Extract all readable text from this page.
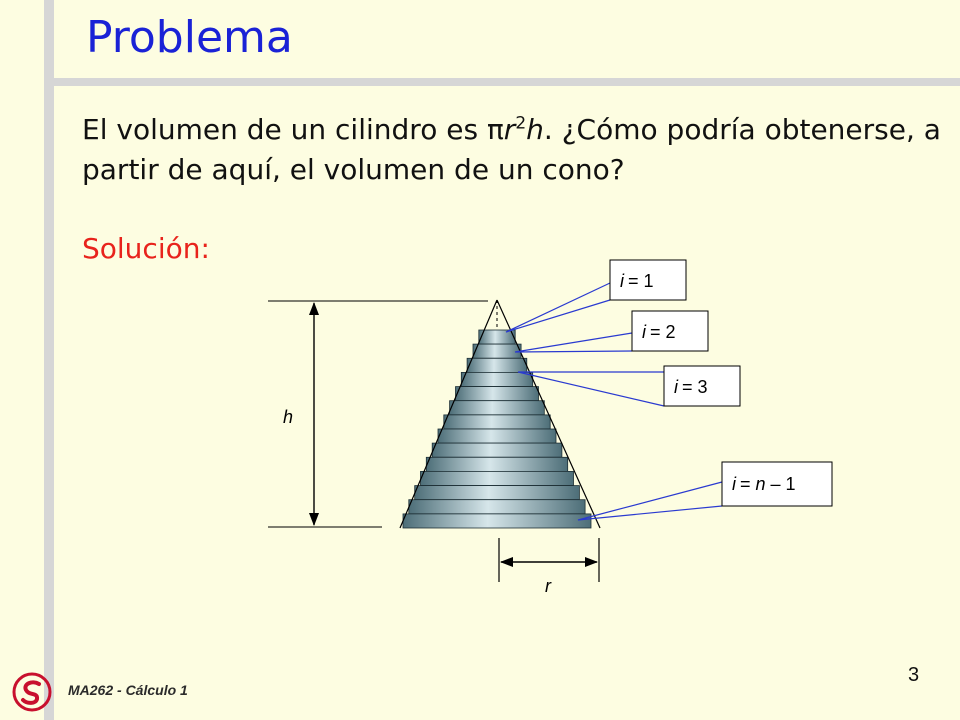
Problema
El volumen de un cilindro es $\pi r^2h$. ¿Cómo podría obtenerse, a partir de aquí, el volumen de un cono?
Solución:
i = 1
i = 2
i = 3
i = n – 1
h
r
MA262 - Cálculo 1
3
